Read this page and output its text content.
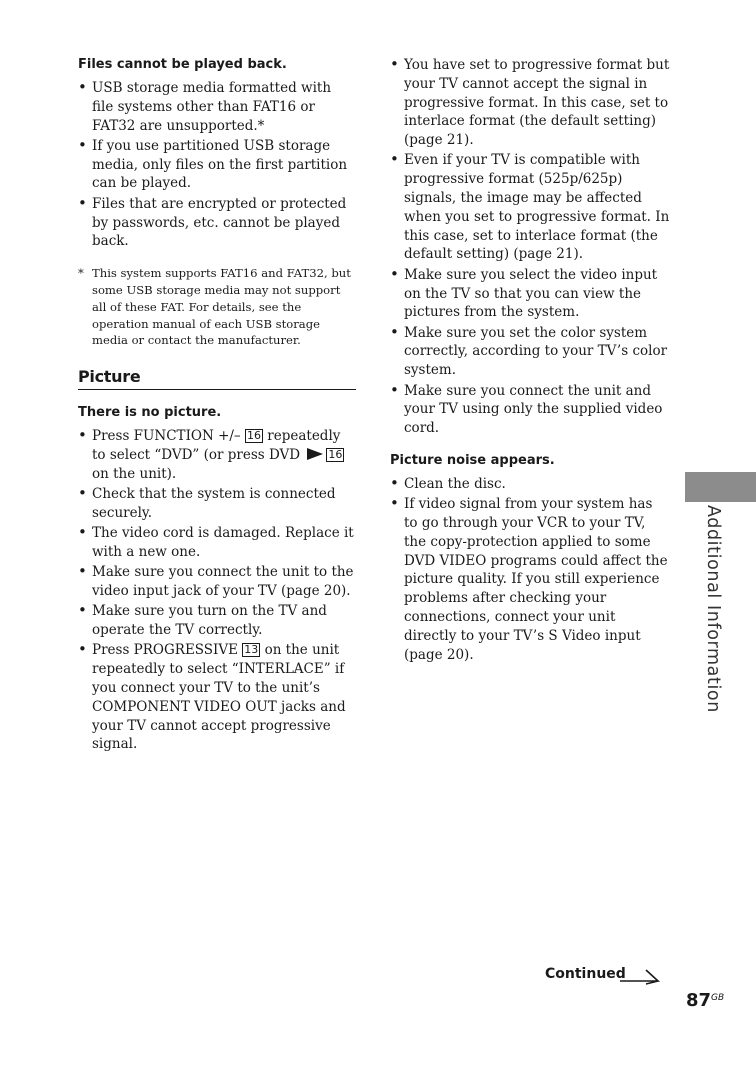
Files cannot be played back.
• USB storage media formatted with file systems other than FAT16 or FAT32 are unsupported.*
• If you use partitioned USB storage media, only files on the first partition can be played.
• Files that are encrypted or protected by passwords, etc. cannot be played back.
* This system supports FAT16 and FAT32, but some USB storage media may not support all of these FAT. For details, see the operation manual of each USB storage media or contact the manufacturer.
Picture
There is no picture.
• Press FUNCTION +/– 16 repeatedly to select “DVD” (or press DVD 16 on the unit).
• Check that the system is connected securely.
• The video cord is damaged. Replace it with a new one.
• Make sure you connect the unit to the video input jack of your TV (page 20).
• Make sure you turn on the TV and operate the TV correctly.
• Press PROGRESSIVE 13 on the unit repeatedly to select “INTERLACE” if you connect your TV to the unit’s COMPONENT VIDEO OUT jacks and your TV cannot accept progressive signal.
• You have set to progressive format but your TV cannot accept the signal in progressive format. In this case, set to interlace format (the default setting) (page 21).
• Even if your TV is compatible with progressive format (525p/625p) signals, the image may be affected when you set to progressive format. In this case, set to interlace format (the default setting) (page 21).
• Make sure you select the video input on the TV so that you can view the pictures from the system.
• Make sure you set the color system correctly, according to your TV’s color system.
• Make sure you connect the unit and your TV using only the supplied video cord.
Picture noise appears.
• Clean the disc.
• If video signal from your system has to go through your VCR to your TV, the copy-protection applied to some DVD VIDEO programs could affect the picture quality. If you still experience problems after checking your connections, connect your unit directly to your TV’s S Video input (page 20).	Additional Information
Continued
87 GB
